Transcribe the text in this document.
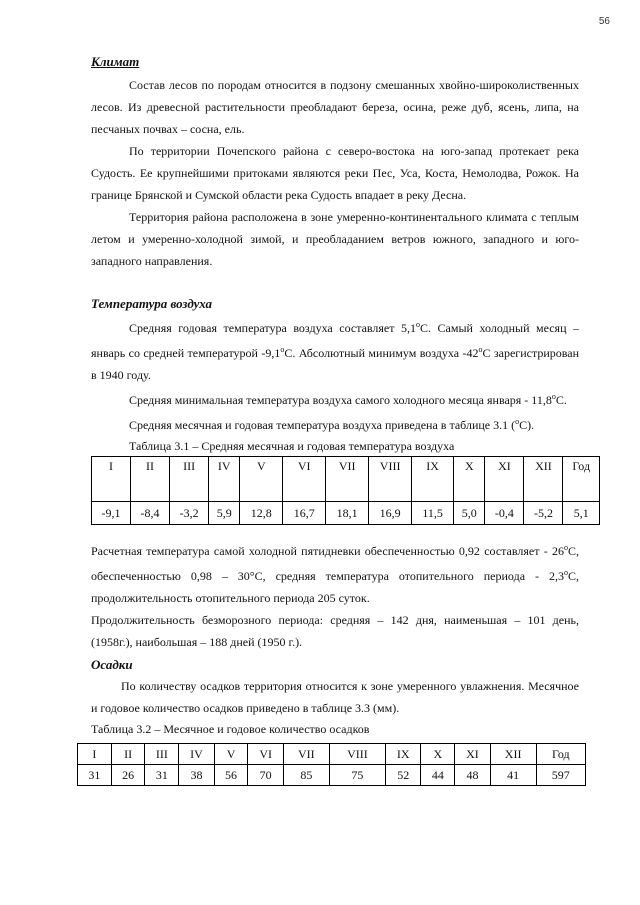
56
Климат

Состав лесов по породам относится в подзону смешанных хвойно-широколиственных лесов. Из древесной растительности преобладают береза, осина, реже дуб, ясень, липа, на песчаных почвах – сосна, ель.

По территории Почепского района с северо-востока на юго-запад протекает река Судость. Ее крупнейшими притоками являются реки Пес, Уса, Коста, Немолодва, Рожок. На границе Брянской и Сумской области река Судость впадает в реку Десна.

Территория района расположена в зоне умеренно-континентального климата с теплым летом и умеренно-холодной зимой, и преобладанием ветров южного, западного и юго-западного направления.

Температура воздуха

Средняя годовая температура воздуха составляет 5,1$^o$С. Самый холодный месяц – январь со средней температурой -9,1$^o$С. Абсолютный минимум воздуха -42$^o$С зарегистрирован в 1940 году.

Средняя минимальная температура воздуха самого холодного месяца января - 11,8$^o$С.

Средняя месячная и годовая температура воздуха приведена в таблице 3.1 ($^o$С).

Таблица 3.1 – Средняя месячная и годовая температура воздуха
I	II	III	IV	V	VI	VII	VIII	IX	X	XI	XII	Год
-9,1	-8,4	-3,2	5,9	12,8	16,7	18,1	16,9	11,5	5,0	-0,4	-5,2	5,1

Расчетная температура самой холодной пятидневки обеспеченностью 0,92 составляет - 26$^o$С, обеспеченностью 0,98 – 30°С, средняя температура отопительного периода - 2,3$^o$С, продолжительность отопительного периода 205 суток.

Продолжительность безморозного периода: средняя – 142 дня, наименьшая – 101 день, (1958г.), наибольшая – 188 дней (1950 г.).

Осадки

По количеству осадков территория относится к зоне умеренного увлажнения. Месячное и годовое количество осадков приведено в таблице 3.3 (мм).

Таблица 3.2 – Месячное и годовое количество осадков
I	II	III	IV	V	VI	VII	VIII	IX	X	XI	XII	Год
31	26	31	38	56	70	85	75	52	44	48	41	597
